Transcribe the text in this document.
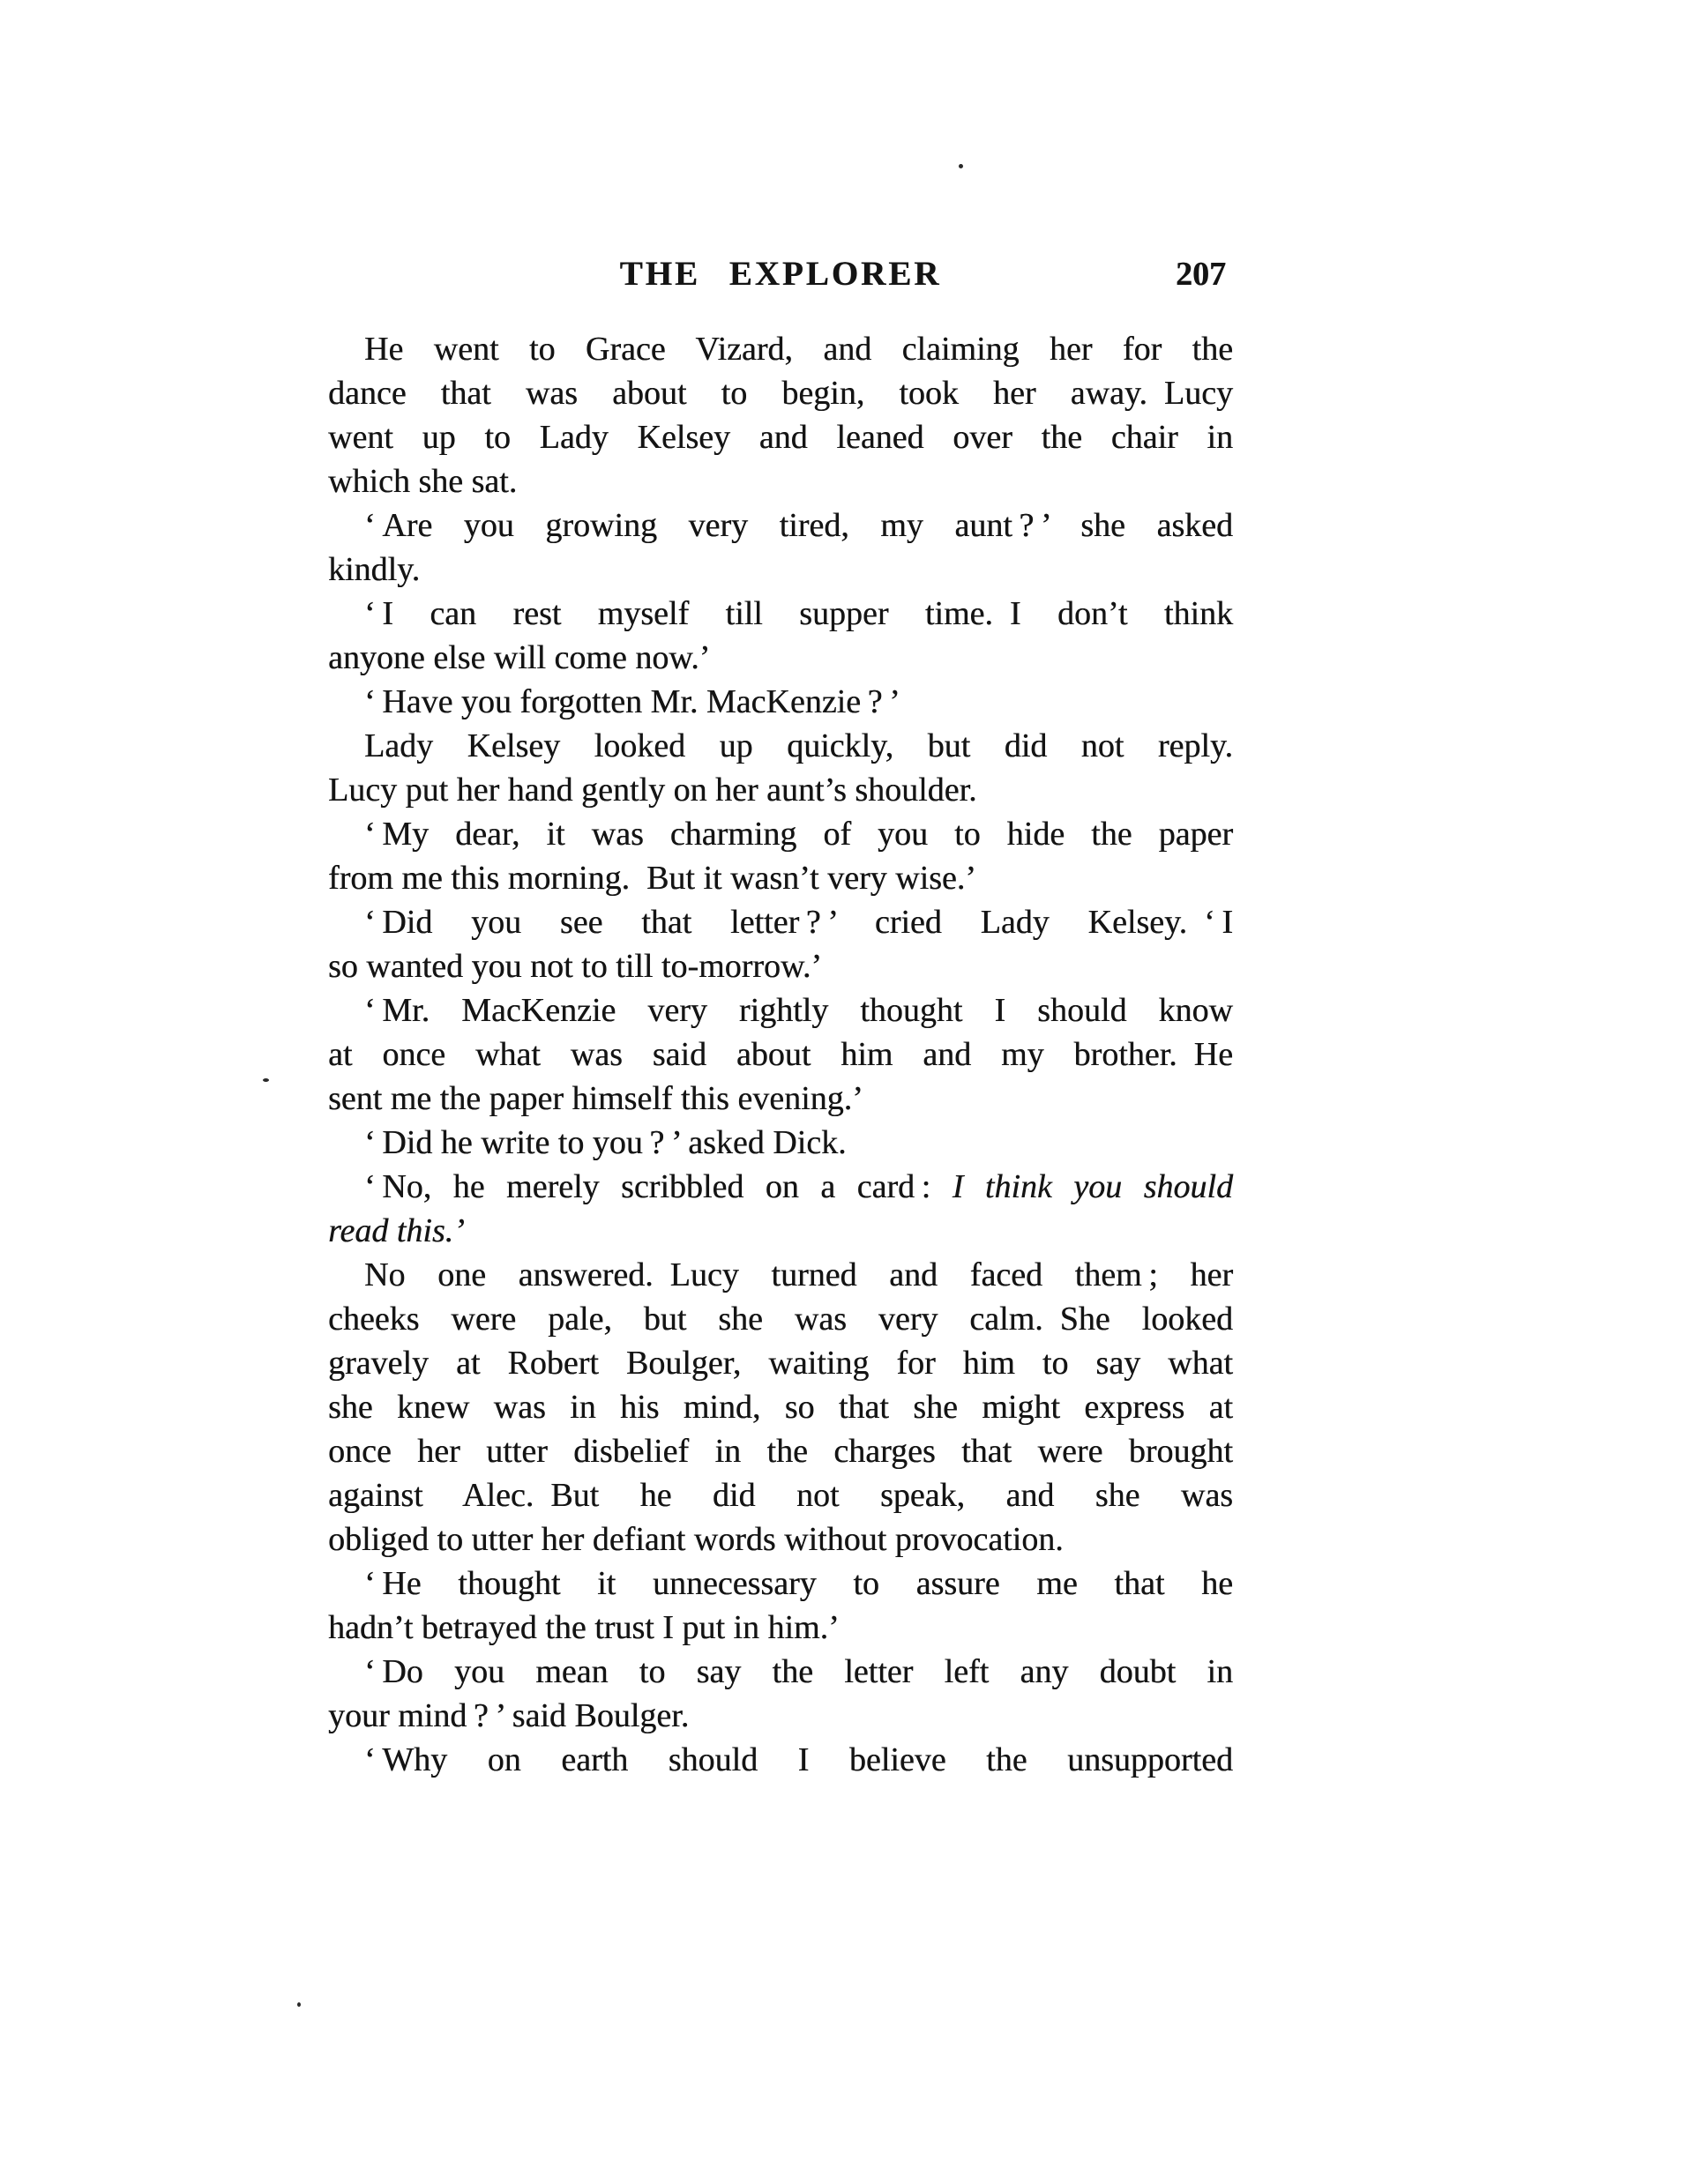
THE EXPLORER	207
He went to Grace Vizard, and claiming her for the
dance that was about to begin, took her away. Lucy
went up to Lady Kelsey and leaned over the chair in
which she sat.
‘ Are you growing very tired, my aunt ? ’ she asked
kindly.
‘ I can rest myself till supper time. I don’t think
anyone else will come now.’
‘ Have you forgotten Mr. MacKenzie ? ’
Lady Kelsey looked up quickly, but did not reply.
Lucy put her hand gently on her aunt’s shoulder.
‘ My dear, it was charming of you to hide the paper
from me this morning. But it wasn’t very wise.’
‘ Did you see that letter ? ’ cried Lady Kelsey. ‘ I
so wanted you not to till to-morrow.’
‘ Mr. MacKenzie very rightly thought I should know
at once what was said about him and my brother. He
sent me the paper himself this evening.’
‘ Did he write to you ? ’ asked Dick.
‘ No, he merely scribbled on a card : I think you should
read this.’
No one answered. Lucy turned and faced them ; her
cheeks were pale, but she was very calm. She looked
gravely at Robert Boulger, waiting for him to say what
she knew was in his mind, so that she might express at
once her utter disbelief in the charges that were brought
against Alec. But he did not speak, and she was
obliged to utter her defiant words without provocation.
‘ He thought it unnecessary to assure me that he
hadn’t betrayed the trust I put in him.’
‘ Do you mean to say the letter left any doubt in
your mind ? ’ said Boulger.
‘ Why on earth should I believe the unsupported
